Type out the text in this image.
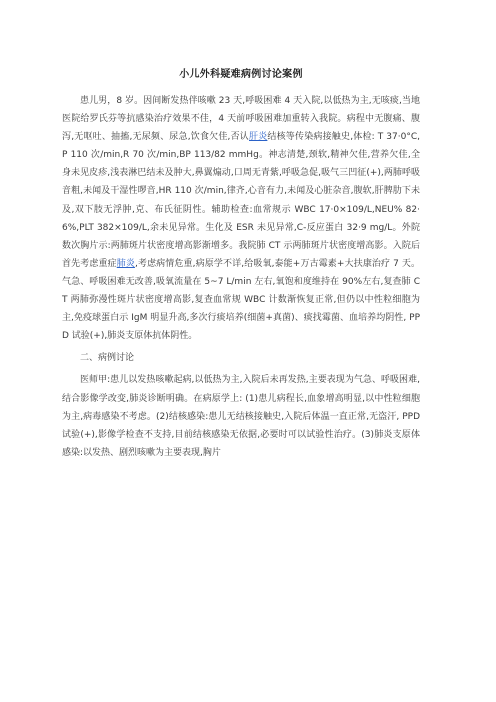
小儿外科疑难病例讨论案例

患儿男，8 岁。因间断发热伴咳嗽 23 天,呼吸困难 4 天入院,以低热为主,无咳痰,当地医院给罗氏芬等抗感染治疗效果不佳，4 天前呼吸困难加重转入我院。病程中无腹痛、腹泻,无呕吐、抽搐,无尿频、尿急,饮食欠佳,否认肝炎结核等传染病接触史,体检: T 37·0°C, P 110 次/min,R 70 次/min,BP 113/82 mmHg。神志清楚,颈软,精神欠佳,营养欠佳,全身未见皮疹,浅表淋巴结未及肿大,鼻翼煽动,口周无青紫,呼吸急促,吸气三凹征(+),两肺呼吸音粗,未闻及干湿性啰音,HR 110 次/min,律齐,心音有力,未闻及心脏杂音,腹软,肝脾肋下未及,双下肢无浮肿,克、布氏征阴性。辅助检查:血常规示 WBC 17·0×109/L,NEU% 82·6%,PLT 382×109/L,余未见异常。生化及 ESR 未见异常,C-反应蛋白 32·9 mg/L。外院数次胸片示:两肺斑片状密度增高影渐增多。我院肺 CT 示两肺斑片状密度增高影。入院后首先考虑重症肺炎,考虑病情危重,病原学不详,给吸氧,泰能+万古霉素+大扶康治疗 7 天。气急、呼吸困难无改善,吸氧流量在 5~7 L/min 左右,氧饱和度维持在 90%左右,复查肺 CT 两肺弥漫性斑片状密度增高影,复查血常规 WBC 计数渐恢复正常,但仍以中性粒细胞为主,免疫球蛋白示 IgM 明显升高,多次行痰培养(细菌+真菌)、痰找霉菌、血培养均阴性, PPD 试验(+),肺炎支原体抗体阴性。

二、病例讨论

医师甲:患儿以发热咳嗽起病,以低热为主,入院后未再发热,主要表现为气急、呼吸困难,结合影像学改变,肺炎诊断明确。在病原学上: (1)患儿病程长,血象增高明显,以中性粒细胞为主,病毒感染不考虑。(2)结核感染:患儿无结核接触史,入院后体温一直正常,无盗汗, PPD 试验(+),影像学检查不支持,目前结核感染无依据,必要时可以试验性治疗。(3)肺炎支原体感染:以发热、剧烈咳嗽为主要表现,胸片
